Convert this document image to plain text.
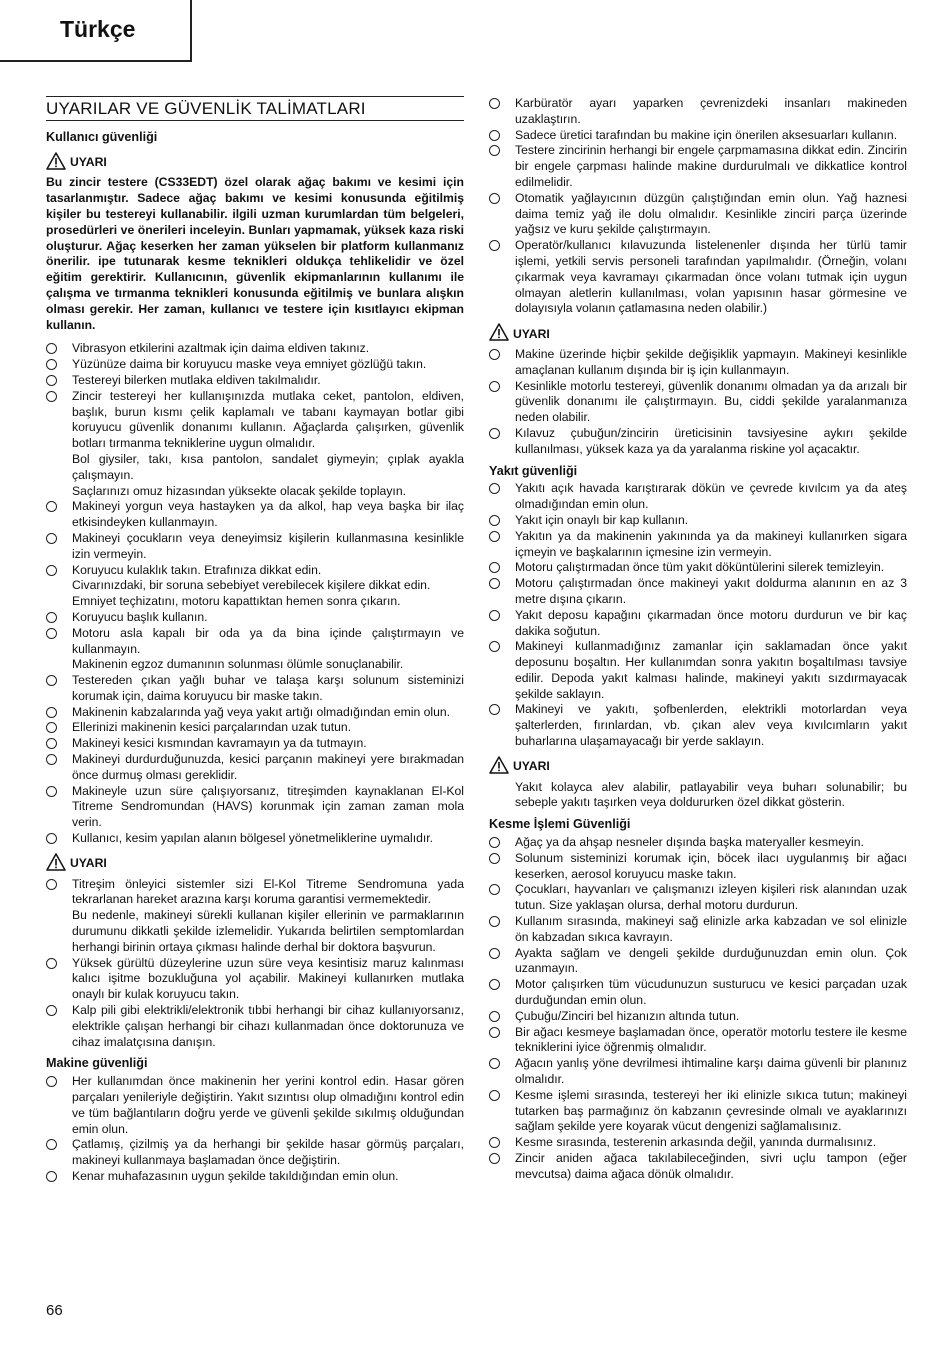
Türkçe
UYARILAR VE GÜVENLİK TALİMATLARI
Kullanıcı güvenliği
UYARI
Bu zincir testere (CS33EDT) özel olarak ağaç bakımı ve kesimi için tasarlanmıştır. Sadece ağaç bakımı ve kesimi konusunda eğitilmiş kişiler bu testereyi kullanabilir. ilgili uzman kurumlardan tüm belgeleri, prosedürleri ve önerileri inceleyin. Bunları yapmamak, yüksek kaza riski oluşturur. Ağaç keserken her zaman yükselen bir platform kullanmanız önerilir. ipe tutunarak kesme teknikleri oldukça tehlikelidir ve özel eğitim gerektirir. Kullanıcının, güvenlik ekipmanlarının kullanımı ile çalışma ve tırmanma teknikleri konusunda eğitilmiş ve bunlara alışkın olması gerekir. Her zaman, kullanıcı ve testere için kısıtlayıcı ekipman kullanın.
Vibrasyon etkilerini azaltmak için daima eldiven takınız.
Yüzünüze daima bir koruyucu maske veya emniyet gözlüğü takın.
Testereyi bilerken mutlaka eldiven takılmalıdır.
Zincir testereyi her kullanışınızda mutlaka ceket, pantolon, eldiven, başlık, burun kısmı çelik kaplamalı ve tabanı kaymayan botlar gibi koruyucu güvenlik donanımı kullanın. Ağaçlarda çalışırken, güvenlik botları tırmanma tekniklerine uygun olmalıdır.
Bol giysiler, takı, kısa pantolon, sandalet giymeyin; çıplak ayakla çalışmayın.
Saçlarınızı omuz hizasından yüksekte olacak şekilde toplayın.
Makineyi yorgun veya hastayken ya da alkol, hap veya başka bir ilaç etkisindeyken kullanmayın.
Makineyi çocukların veya deneyimsiz kişilerin kullanmasına kesinlikle izin vermeyin.
Koruyucu kulaklık takın. Etrafınıza dikkat edin.
Civarınızdaki, bir soruna sebebiyet verebilecek kişilere dikkat edin.
Emniyet teçhizatını, motoru kapattıktan hemen sonra çıkarın.
Koruyucu başlık kullanın.
Motoru asla kapalı bir oda ya da bina içinde çalıştırmayın ve kullanmayın.
Makinenin egzoz dumanının solunması ölümle sonuçlanabilir.
Testereden çıkan yağlı buhar ve talaşa karşı solunum sisteminizi korumak için, daima koruyucu bir maske takın.
Makinenin kabzalarında yağ veya yakıt artığı olmadığından emin olun.
Ellerinizi makinenin kesici parçalarından uzak tutun.
Makineyi kesici kısmından kavramayın ya da tutmayın.
Makineyi durdurduğunuzda, kesici parçanın makineyi yere bırakmadan önce durmuş olması gereklidir.
Makineyle uzun süre çalışıyorsanız, titreşimden kaynaklanan El-Kol Titreme Sendromundan (HAVS) korunmak için zaman zaman mola verin.
Kullanıcı, kesim yapılan alanın bölgesel yönetmeliklerine uymalıdır.
UYARI
Titreşim önleyici sistemler sizi El-Kol Titreme Sendromuna yada tekrarlanan hareket arazına karşı koruma garantisi vermemektedir.
Bu nedenle, makineyi sürekli kullanan kişiler ellerinin ve parmaklarının durumunu dikkatli şekilde izlemelidir. Yukarıda belirtilen semptomlardan herhangi birinin ortaya çıkması halinde derhal bir doktora başvurun.
Yüksek gürültü düzeylerine uzun süre veya kesintisiz maruz kalınması kalıcı işitme bozukluğuna yol açabilir. Makineyi kullanırken mutlaka onaylı bir kulak koruyucu takın.
Kalp pili gibi elektrikli/elektronik tıbbi herhangi bir cihaz kullanıyorsanız, elektrikle çalışan herhangi bir cihazı kullanmadan önce doktorunuza ve cihaz imalatçısına danışın.
Makine güvenliği
Her kullanımdan önce makinenin her yerini kontrol edin. Hasar gören parçaları yenileriyle değiştirin. Yakıt sızıntısı olup olmadığını kontrol edin ve tüm bağlantıların doğru yerde ve güvenli şekilde sıkılmış olduğundan emin olun.
Çatlamış, çizilmiş ya da herhangi bir şekilde hasar görmüş parçaları, makineyi kullanmaya başlamadan önce değiştirin.
Kenar muhafazasının uygun şekilde takıldığından emin olun.
Karbüratör ayarı yaparken çevrenizdeki insanları makineden uzaklaştırın.
Sadece üretici tarafından bu makine için önerilen aksesuarları kullanın.
Testere zincirinin herhangi bir engele çarpmamasına dikkat edin. Zincirin bir engele çarpması halinde makine durdurulmalı ve dikkatlice kontrol edilmelidir.
Otomatik yağlayıcının düzgün çalıştığından emin olun. Yağ haznesi daima temiz yağ ile dolu olmalıdır. Kesinlikle zinciri parça üzerinde yağsız ve kuru şekilde çalıştırmayın.
Operatör/kullanıcı kılavuzunda listelenenler dışında her türlü tamir işlemi, yetkili servis personeli tarafından yapılmalıdır. (Örneğin, volanı çıkarmak veya kavramayı çıkarmadan önce volanı tutmak için uygun olmayan aletlerin kullanılması, volan yapısının hasar görmesine ve dolayısıyla volanın çatlamasına neden olabilir.)
UYARI
Makine üzerinde hiçbir şekilde değişiklik yapmayın. Makineyi kesinlikle amaçlanan kullanım dışında bir iş için kullanmayın.
Kesinlikle motorlu testereyi, güvenlik donanımı olmadan ya da arızalı bir güvenlik donanımı ile çalıştırmayın. Bu, ciddi şekilde yaralanmanıza neden olabilir.
Kılavuz çubuğun/zincirin üreticisinin tavsiyesine aykırı şekilde kullanılması, yüksek kaza ya da yaralanma riskine yol açacaktır.
Yakıt güvenliği
Yakıtı açık havada karıştırarak dökün ve çevrede kıvılcım ya da ateş olmadığından emin olun.
Yakıt için onaylı bir kap kullanın.
Yakıtın ya da makinenin yakınında ya da makineyi kullanırken sigara içmeyin ve başkalarının içmesine izin vermeyin.
Motoru çalıştırmadan önce tüm yakıt döküntülerini silerek temizleyin.
Motoru çalıştırmadan önce makineyi yakıt doldurma alanının en az 3 metre dışına çıkarın.
Yakıt deposu kapağını çıkarmadan önce motoru durdurun ve bir kaç dakika soğutun.
Makineyi kullanmadığınız zamanlar için saklamadan önce yakıt deposunu boşaltın. Her kullanımdan sonra yakıtın boşaltılması tavsiye edilir. Depoda yakıt kalması halinde, makineyi yakıtı sızdırmayacak şekilde saklayın.
Makineyi ve yakıtı, şofbenlerden, elektrikli motorlardan veya şalterlerden, fırınlardan, vb. çıkan alev veya kıvılcımların yakıt buharlarına ulaşamayacağı bir yerde saklayın.
UYARI
Yakıt kolayca alev alabilir, patlayabilir veya buharı solunabilir; bu sebeple yakıtı taşırken veya doldururken özel dikkat gösterin.
Kesme İşlemi Güvenliği
Ağaç ya da ahşap nesneler dışında başka materyaller kesmeyin.
Solunum sisteminizi korumak için, böcek ilacı uygulanmış bir ağacı keserken, aerosol koruyucu maske takın.
Çocukları, hayvanları ve çalışmanızı izleyen kişileri risk alanından uzak tutun. Size yaklaşan olursa, derhal motoru durdurun.
Kullanım sırasında, makineyi sağ elinizle arka kabzadan ve sol elinizle ön kabzadan sıkıca kavrayın.
Ayakta sağlam ve dengeli şekilde durduğunuzdan emin olun. Çok uzanmayın.
Motor çalışırken tüm vücudunuzun susturucu ve kesici parçadan uzak durduğundan emin olun.
Çubuğu/Zinciri bel hizanızın altında tutun.
Bir ağacı kesmeye başlamadan önce, operatör motorlu testere ile kesme tekniklerini iyice öğrenmiş olmalıdır.
Ağacın yanlış yöne devrilmesi ihtimaline karşı daima güvenli bir planınız olmalıdır.
Kesme işlemi sırasında, testereyi her iki elinizle sıkıca tutun; makineyi tutarken baş parmağınız ön kabzanın çevresinde olmalı ve ayaklarınızı sağlam şekilde yere koyarak vücut dengenizi sağlamalısınız.
Kesme sırasında, testerenin arkasında değil, yanında durmalısınız.
Zincir aniden ağaca takılabileceğinden, sivri uçlu tampon (eğer mevcutsa) daima ağaca dönük olmalıdır.
66
